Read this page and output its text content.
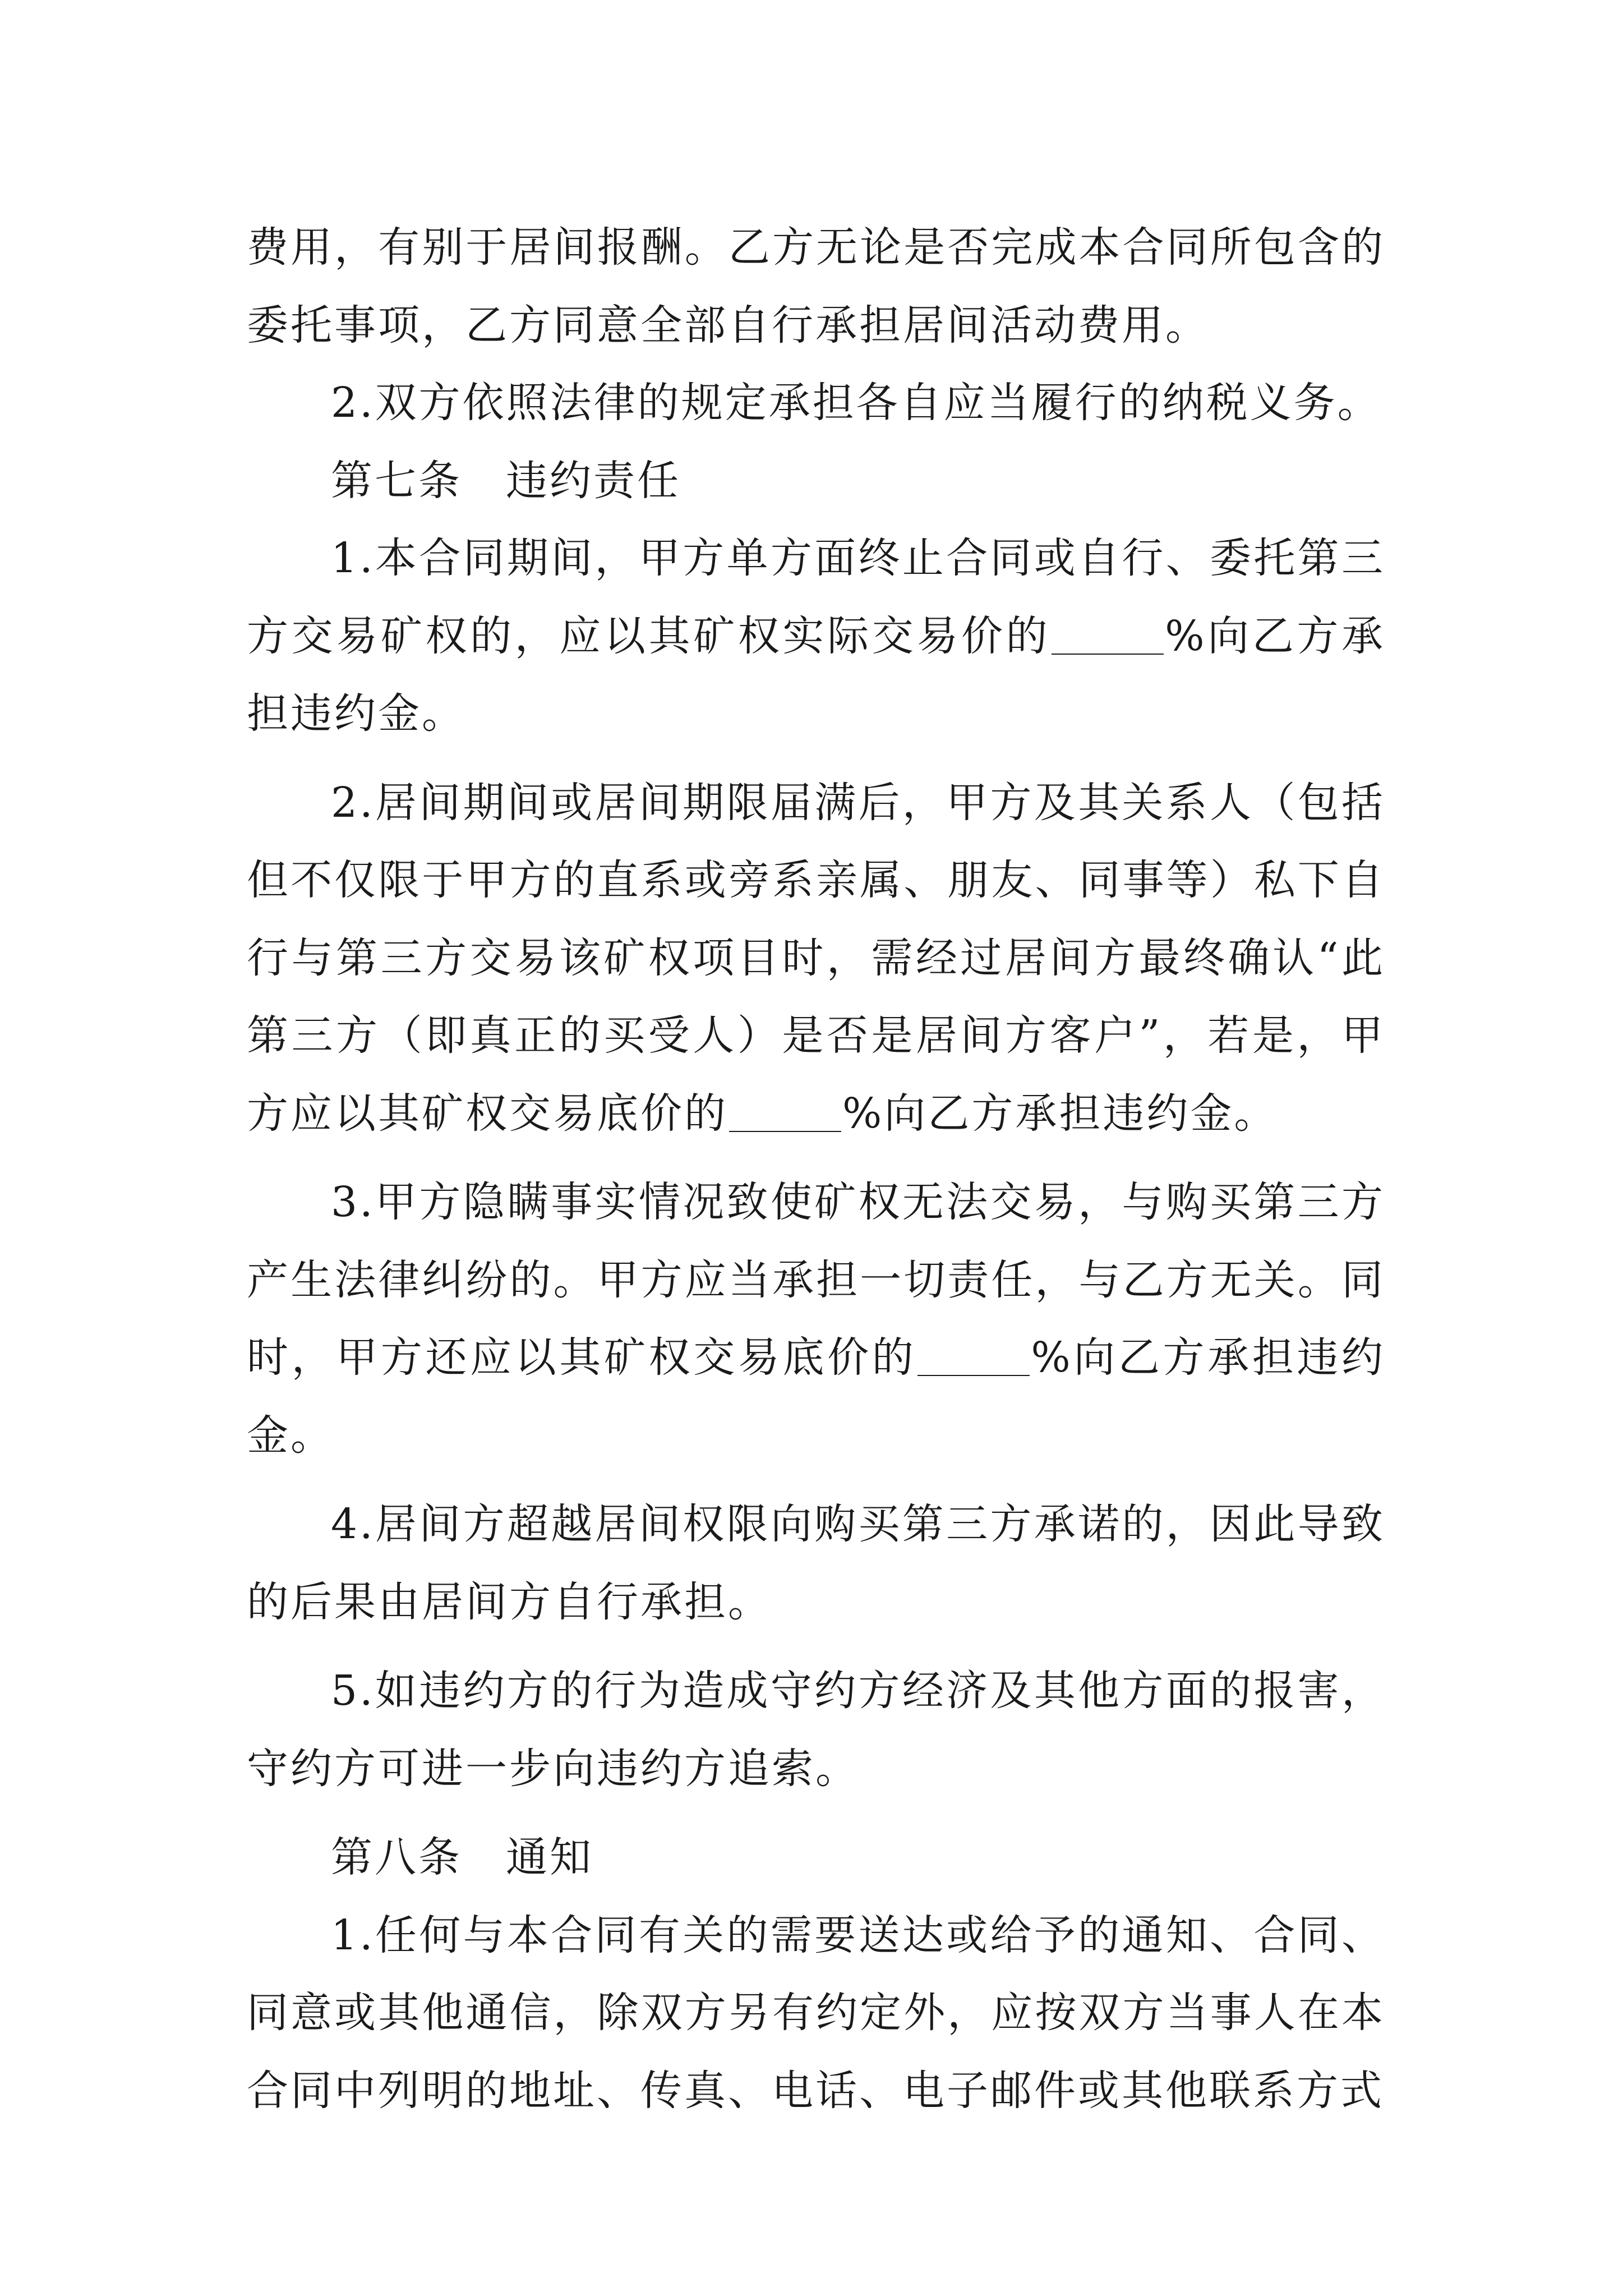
费用，有别于居间报酬。乙方无论是否完成本合同所包含的委托事项，乙方同意全部自行承担居间活动费用。

2.双方依照法律的规定承担各自应当履行的纳税义务。

第七条　违约责任

1.本合同期间，甲方单方面终止合同或自行、委托第三方交易矿权的，应以其矿权实际交易价的	%向乙方承担违约金。

2.居间期间或居间期限届满后，甲方及其关系人（包括但不仅限于甲方的直系或旁系亲属、朋友、同事等）私下自行与第三方交易该矿权项目时，需经过居间方最终确认“此第三方（即真正的买受人）是否是居间方客户”，若是，甲方应以其矿权交易底价的	%向乙方承担违约金。

3.甲方隐瞒事实情况致使矿权无法交易，与购买第三方产生法律纠纷的。甲方应当承担一切责任，与乙方无关。同时，甲方还应以其矿权交易底价的	%向乙方承担违约金。

4.居间方超越居间权限向购买第三方承诺的，因此导致的后果由居间方自行承担。

5.如违约方的行为造成守约方经济及其他方面的报害，守约方可进一步向违约方追索。

第八条　通知

1.任何与本合同有关的需要送达或给予的通知、合同、同意或其他通信，除双方另有约定外，应按双方当事人在本合同中列明的地址、传真、电话、电子邮件或其他联系方式
